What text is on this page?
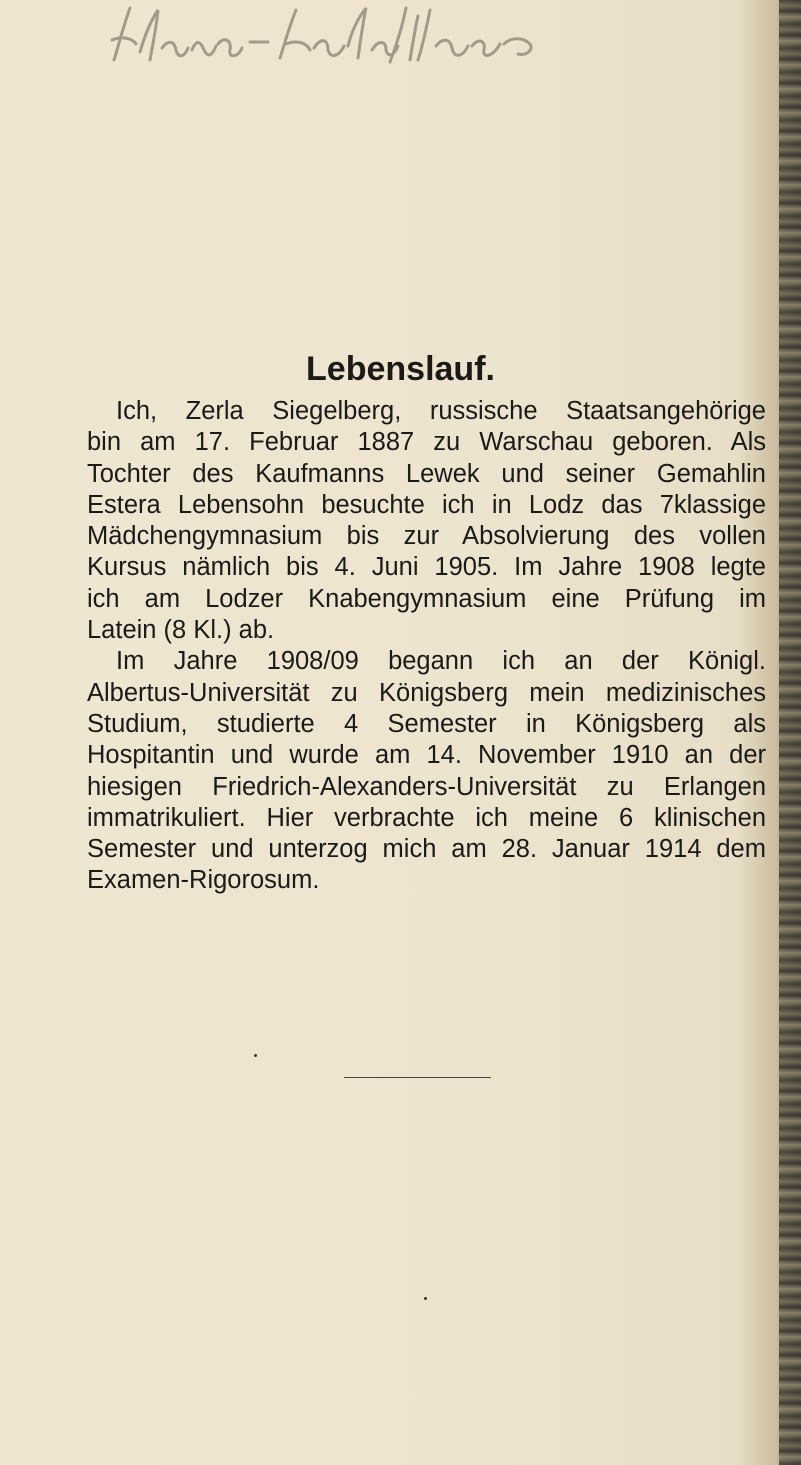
Lebenslauf.
Ich, Zerla Siegelberg, russische Staatsangehörige
bin am 17. Februar 1887 zu Warschau geboren. Als
Tochter des Kaufmanns Lewek und seiner Gemahlin
Estera Lebensohn besuchte ich in Lodz das 7klassige
Mädchengymnasium bis zur Absolvierung des vollen
Kursus nämlich bis 4. Juni 1905. Im Jahre 1908 legte
ich am Lodzer Knabengymnasium eine Prüfung im
Latein (8 Kl.) ab.
Im Jahre 1908/09 begann ich an der Königl.
Albertus-Universität zu Königsberg mein medizinisches
Studium, studierte 4 Semester in Königsberg als
Hospitantin und wurde am 14. November 1910 an der
hiesigen Friedrich-Alexanders-Universität zu Erlangen
immatrikuliert. Hier verbrachte ich meine 6 klinischen
Semester und unterzog mich am 28. Januar 1914 dem
Examen-Rigorosum.
